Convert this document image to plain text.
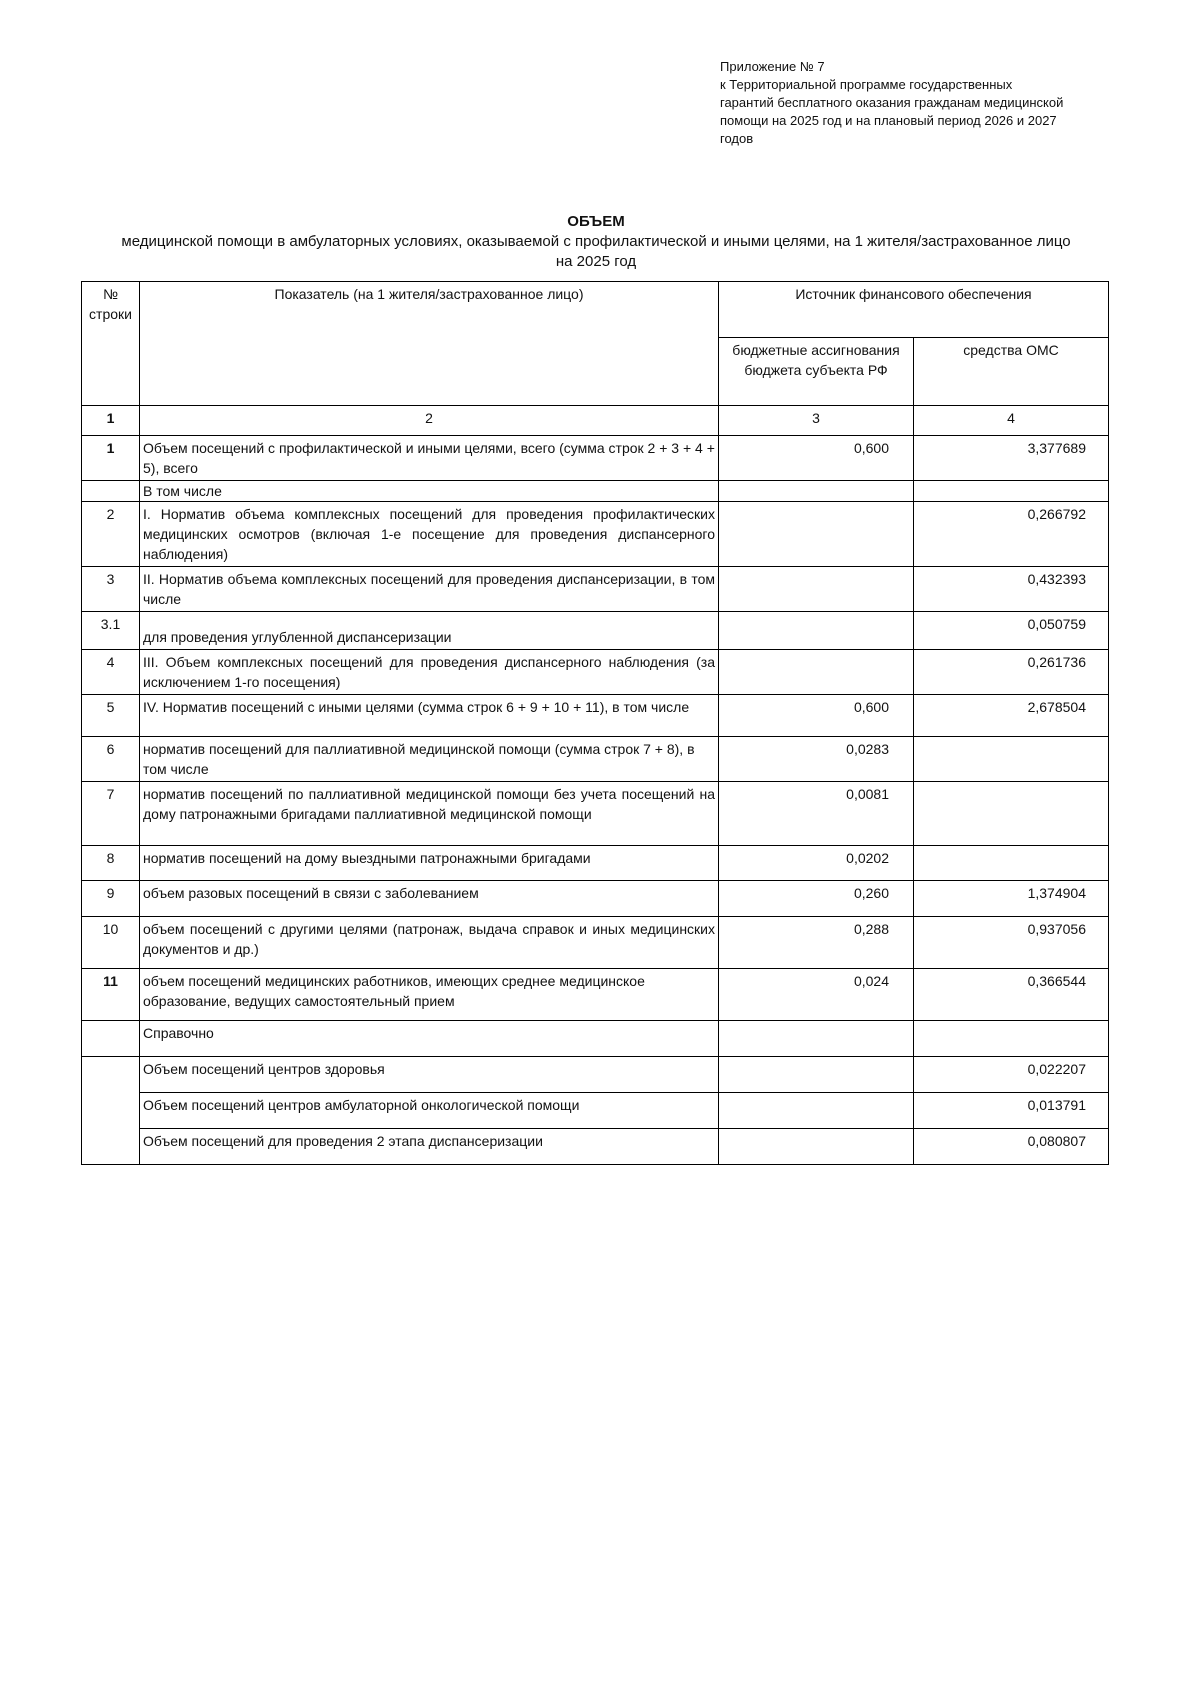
Приложение № 7
к Территориальной программе государственных
гарантий бесплатного оказания гражданам медицинской
помощи на 2025 год и на плановый период 2026 и 2027
годов
ОБЪЕМ
медицинской помощи в амбулаторных условиях, оказываемой с профилактической и иными целями, на 1 жителя/застрахованное лицо
на 2025 год
№ строки	Показатель (на 1 жителя/застрахованное лицо)	Источник финансового обеспечения	
		бюджетные ассигнования бюджета субъекта РФ	средства ОМС
1	2	3	4
1	Объем посещений с профилактической и иными целями, всего (сумма строк 2 + 3 + 4 + 5), всего	0,600	3,377689
	В том числе		
2	I. Норматив объема комплексных посещений для проведения профилактических медицинских осмотров (включая 1-е посещение для проведения диспансерного наблюдения)		0,266792
3	II. Норматив объема комплексных посещений для проведения диспансеризации, в том числе		0,432393
3.1	для проведения углубленной диспансеризации		0,050759
4	III. Объем комплексных посещений для проведения диспансерного наблюдения (за исключением 1-го посещения)		0,261736
5	IV. Норматив посещений с иными целями (сумма строк 6 + 9 + 10 + 11), в том числе	0,600	2,678504
6	норматив посещений для паллиативной медицинской помощи (сумма строк 7 + 8), в том числе	0,0283	
7	норматив посещений по паллиативной медицинской помощи без учета посещений на дому патронажными бригадами паллиативной медицинской помощи	0,0081	
8	норматив посещений на дому выездными патронажными бригадами	0,0202	
9	объем разовых посещений в связи с заболеванием	0,260	1,374904
10	объем посещений с другими целями (патронаж, выдача справок и иных медицинских документов и др.)	0,288	0,937056
11	объем посещений медицинских работников, имеющих среднее медицинское образование, ведущих самостоятельный прием	0,024	0,366544
	Справочно		
	Объем посещений центров здоровья		0,022207
	Объем посещений центров амбулаторной онкологической помощи		0,013791
	Объем посещений для проведения 2 этапа диспансеризации		0,080807
